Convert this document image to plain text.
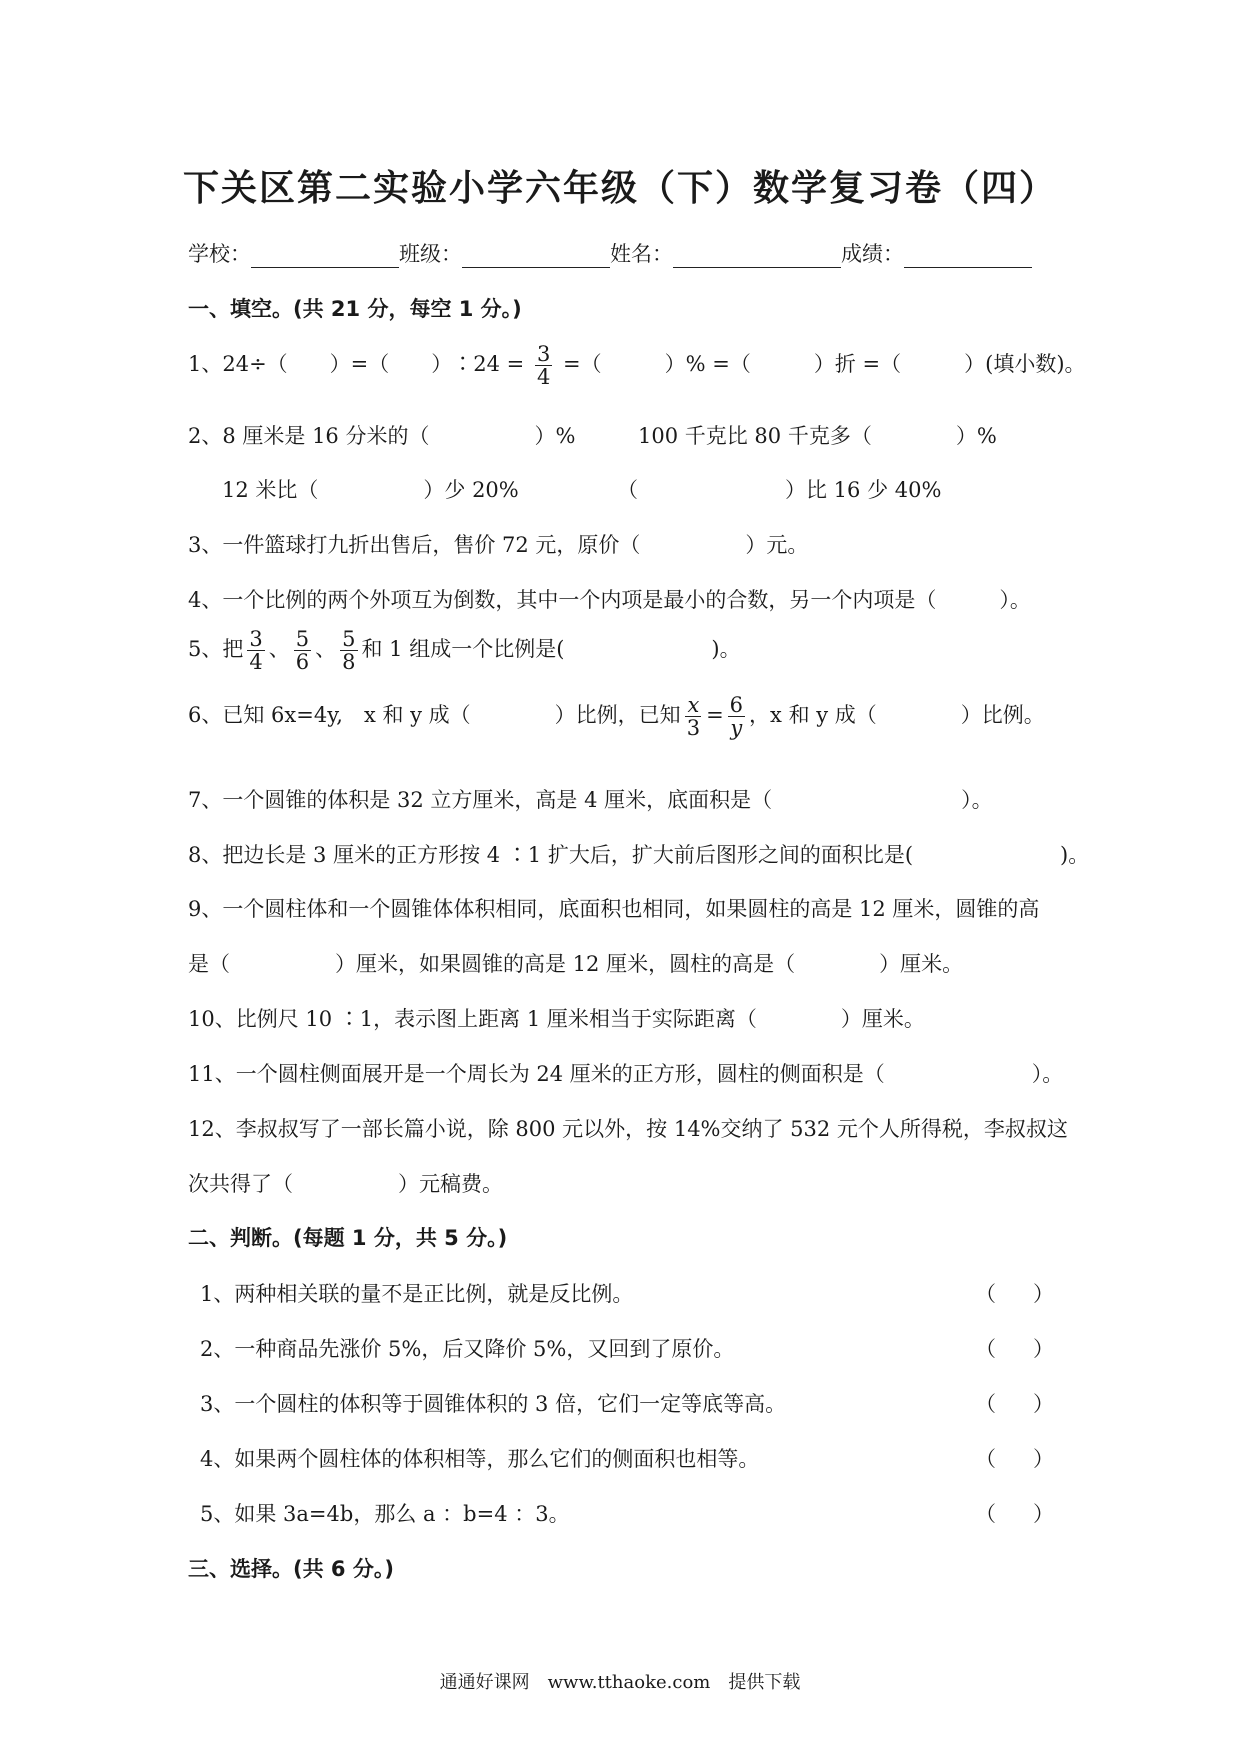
下关区第二实验小学六年级（下）数学复习卷（四）
学校：	班级：	姓名：	成绩：
一、填空。(共 21 分，每空 1 分。)
1、24÷（　　）=（　　）∶24 = $\frac{3}{4}$ =（　　　）% =（　　　）折 =（　　　）(填小数)。
2、8 厘米是 16 分米的（　　　　　）%	100 千克比 80 千克多（　　　　）%
12 米比（　　　　　）少 20%	（　　　　　　　）比 16 少 40%
3、一件篮球打九折出售后，售价 72 元，原价（　　　　　）元。
4、一个比例的两个外项互为倒数，其中一个内项是最小的合数，另一个内项是（　　　）。
5、把 $\frac{3}{4}$ 、 $\frac{5}{6}$ 、 $\frac{5}{8}$ 和 1 组成一个比例是(　　　　　　　)。
6、已知 6x=4y,　x 和 y 成（　　　　）比例，已知 $\frac{x}{3} = \frac{6}{y}$ ，x 和 y 成（　　　　）比例。
7、一个圆锥的体积是 32 立方厘米，高是 4 厘米，底面积是（　　　　　　　　　）。
8、把边长是 3 厘米的正方形按 4 ∶1 扩大后，扩大前后图形之间的面积比是(　　　　　　　)。
9、一个圆柱体和一个圆锥体体积相同，底面积也相同，如果圆柱的高是 12 厘米，圆锥的高
是（　　　　　）厘米，如果圆锥的高是 12 厘米，圆柱的高是（　　　　）厘米。
10、比例尺 10 ∶1，表示图上距离 1 厘米相当于实际距离（　　　　）厘米。
11、一个圆柱侧面展开是一个周长为 24 厘米的正方形，圆柱的侧面积是（　　　　　　　）。
12、李叔叔写了一部长篇小说，除 800 元以外，按 14%交纳了 532 元个人所得税，李叔叔这
次共得了（　　　　　）元稿费。
二、判断。(每题 1 分，共 5 分。)
1、两种相关联的量不是正比例，就是反比例。	（ ）
2、一种商品先涨价 5%，后又降价 5%，又回到了原价。	（ ）
3、一个圆柱的体积等于圆锥体积的 3 倍，它们一定等底等高。	（ ）
4、如果两个圆柱体的体积相等，那么它们的侧面积也相等。	（ ）
5、如果 3a=4b，那么 a ：b=4 ：3。	（ ）
三、选择。(共 6 分。)
通通好课网　www.tthaoke.com　提供下载
